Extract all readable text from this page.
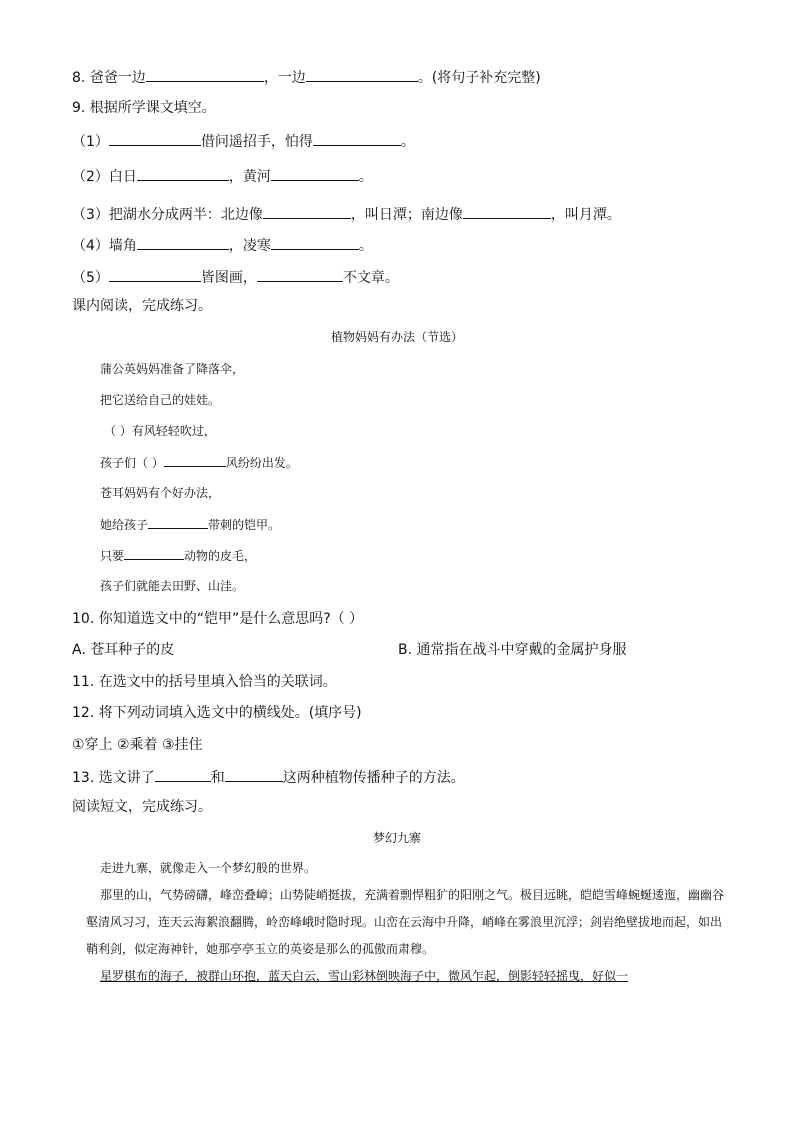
8. 爸爸一边	，一边	。(将句子补充完整)
9. 根据所学课文填空。
（1）	借问遥招手，怕得	。
（2）白日	，黄河	。
（3）把湖水分成两半：北边像	，叫日潭；南边像	，叫月潭。
（4）墙角	，凌寒	。
（5）	皆图画，	不文章。
课内阅读，完成练习。
植物妈妈有办法（节选）
蒲公英妈妈准备了降落伞，
把它送给自己的娃娃。
（ ）有风轻轻吹过，
孩子们（ ）	风纷纷出发。
苍耳妈妈有个好办法，
她给孩子	带刺的铠甲。
只要	动物的皮毛，
孩子们就能去田野、山洼。
10. 你知道选文中的“铠甲”是什么意思吗?（ ）
A. 苍耳种子的皮	B. 通常指在战斗中穿戴的金属护身服
11. 在选文中的括号里填入恰当的关联词。
12. 将下列动词填入选文中的横线处。(填序号)
①穿上 ②乘着 ③挂住
13. 选文讲了	和	这两种植物传播种子的方法。
阅读短文，完成练习。
梦幻九寨
走进九寨，就像走入一个梦幻般的世界。
那里的山，气势磅礴，峰峦叠嶂；山势陡峭挺拔，充满着剽悍粗犷的阳刚之气。极目远眺，皑皑雪峰蜿蜒逶迤，幽幽谷壑清风习习，连天云海絮浪翻腾，岭峦峰峨时隐时现。山峦在云海中升降，峭峰在雾浪里沉浮；剑岩绝壁拔地而起，如出鞘利剑，似定海神针，她那亭亭玉立的英姿是那么的孤傲而肃穆。
星罗棋布的海子，被群山环抱，蓝天白云，雪山彩林倒映海子中，微风乍起，倒影轻轻摇曳，好似一
